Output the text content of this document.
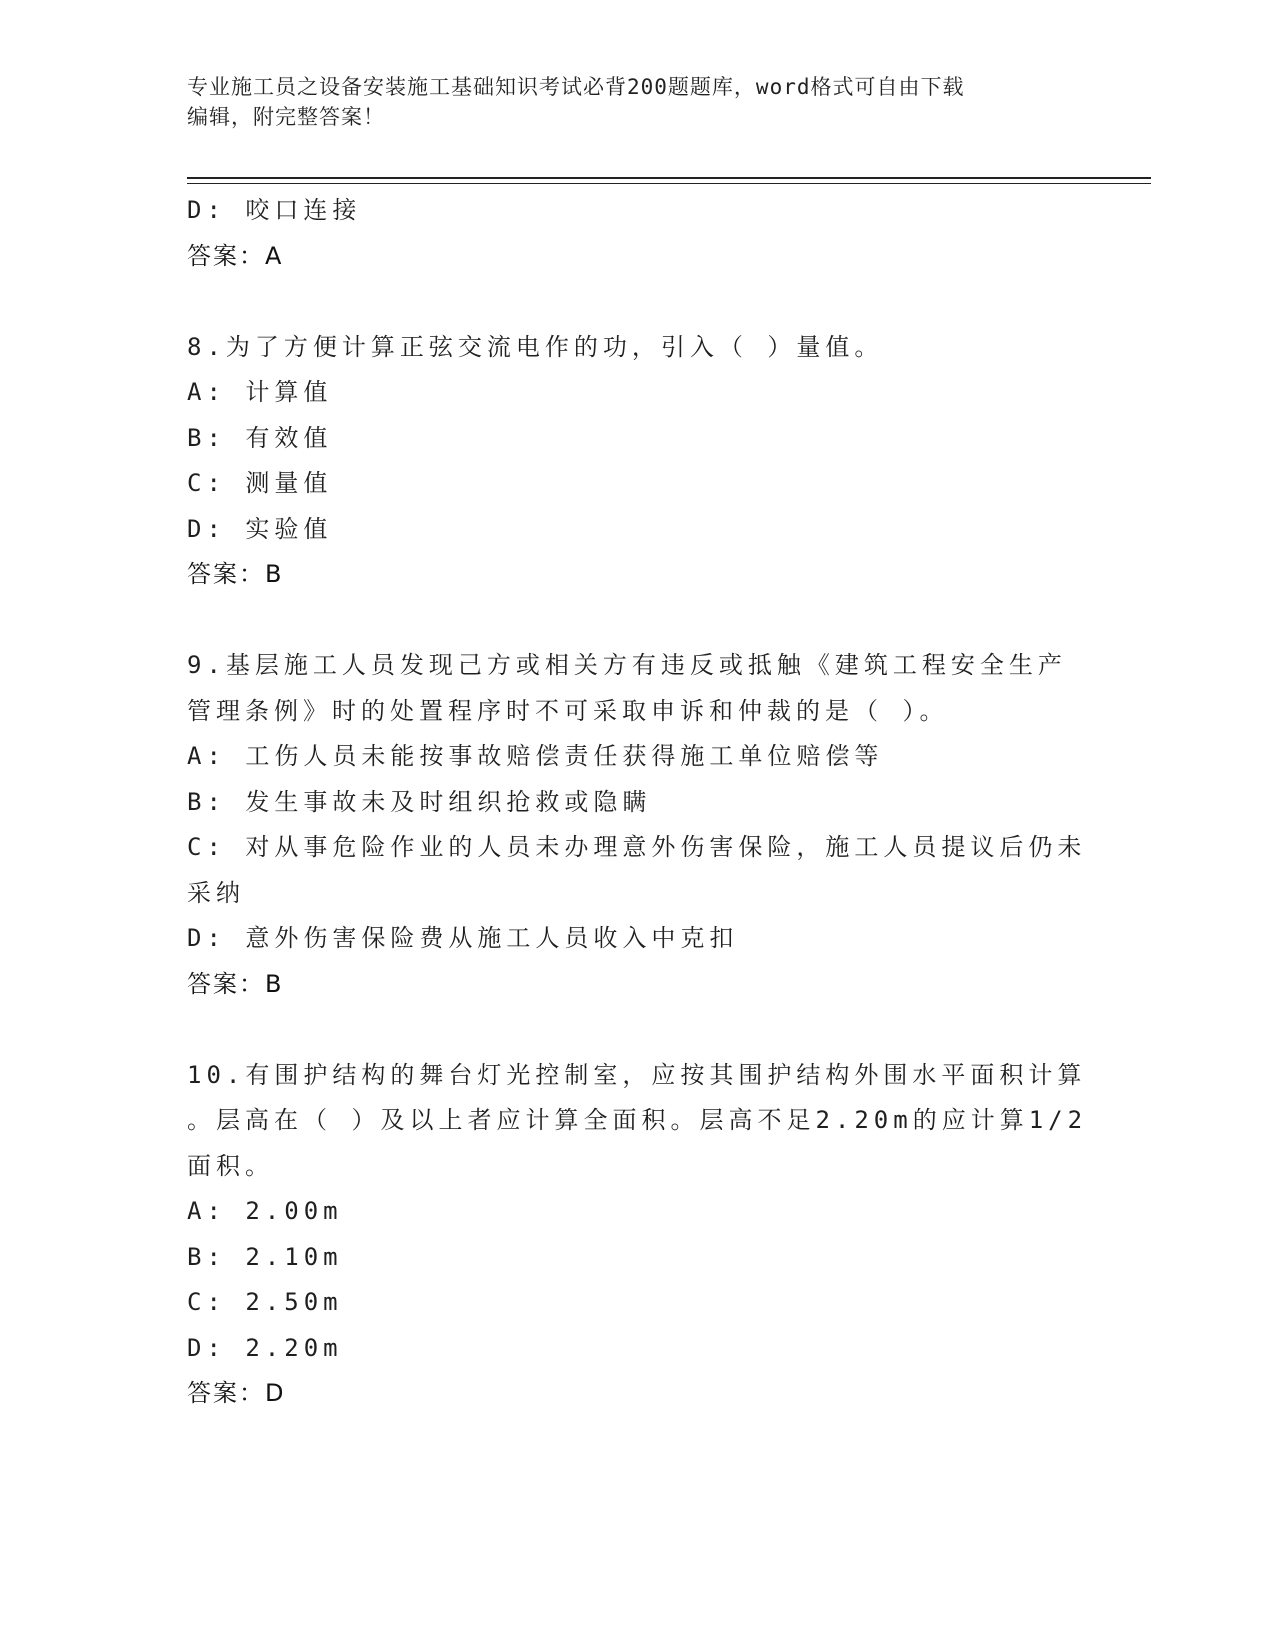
专业施工员之设备安装施工基础知识考试必背200题题库，word格式可自由下载
编辑，附完整答案！
D: 咬口连接
答案：A
8.为了方便计算正弦交流电作的功，引入（ ）量值。
A: 计算值
B: 有效值
C: 测量值
D: 实验值
答案：B
9.基层施工人员发现己方或相关方有违反或抵触《建筑工程安全生产
管理条例》时的处置程序时不可采取申诉和仲裁的是（ ）。
A: 工伤人员未能按事故赔偿责任获得施工单位赔偿等
B: 发生事故未及时组织抢救或隐瞒
C: 对从事危险作业的人员未办理意外伤害保险，施工人员提议后仍未
采纳
D: 意外伤害保险费从施工人员收入中克扣
答案：B
10.有围护结构的舞台灯光控制室，应按其围护结构外围水平面积计算
。层高在（ ）及以上者应计算全面积。层高不足2.20m的应计算1/2
面积。
A: 2.00m
B: 2.10m
C: 2.50m
D: 2.20m
答案：D
